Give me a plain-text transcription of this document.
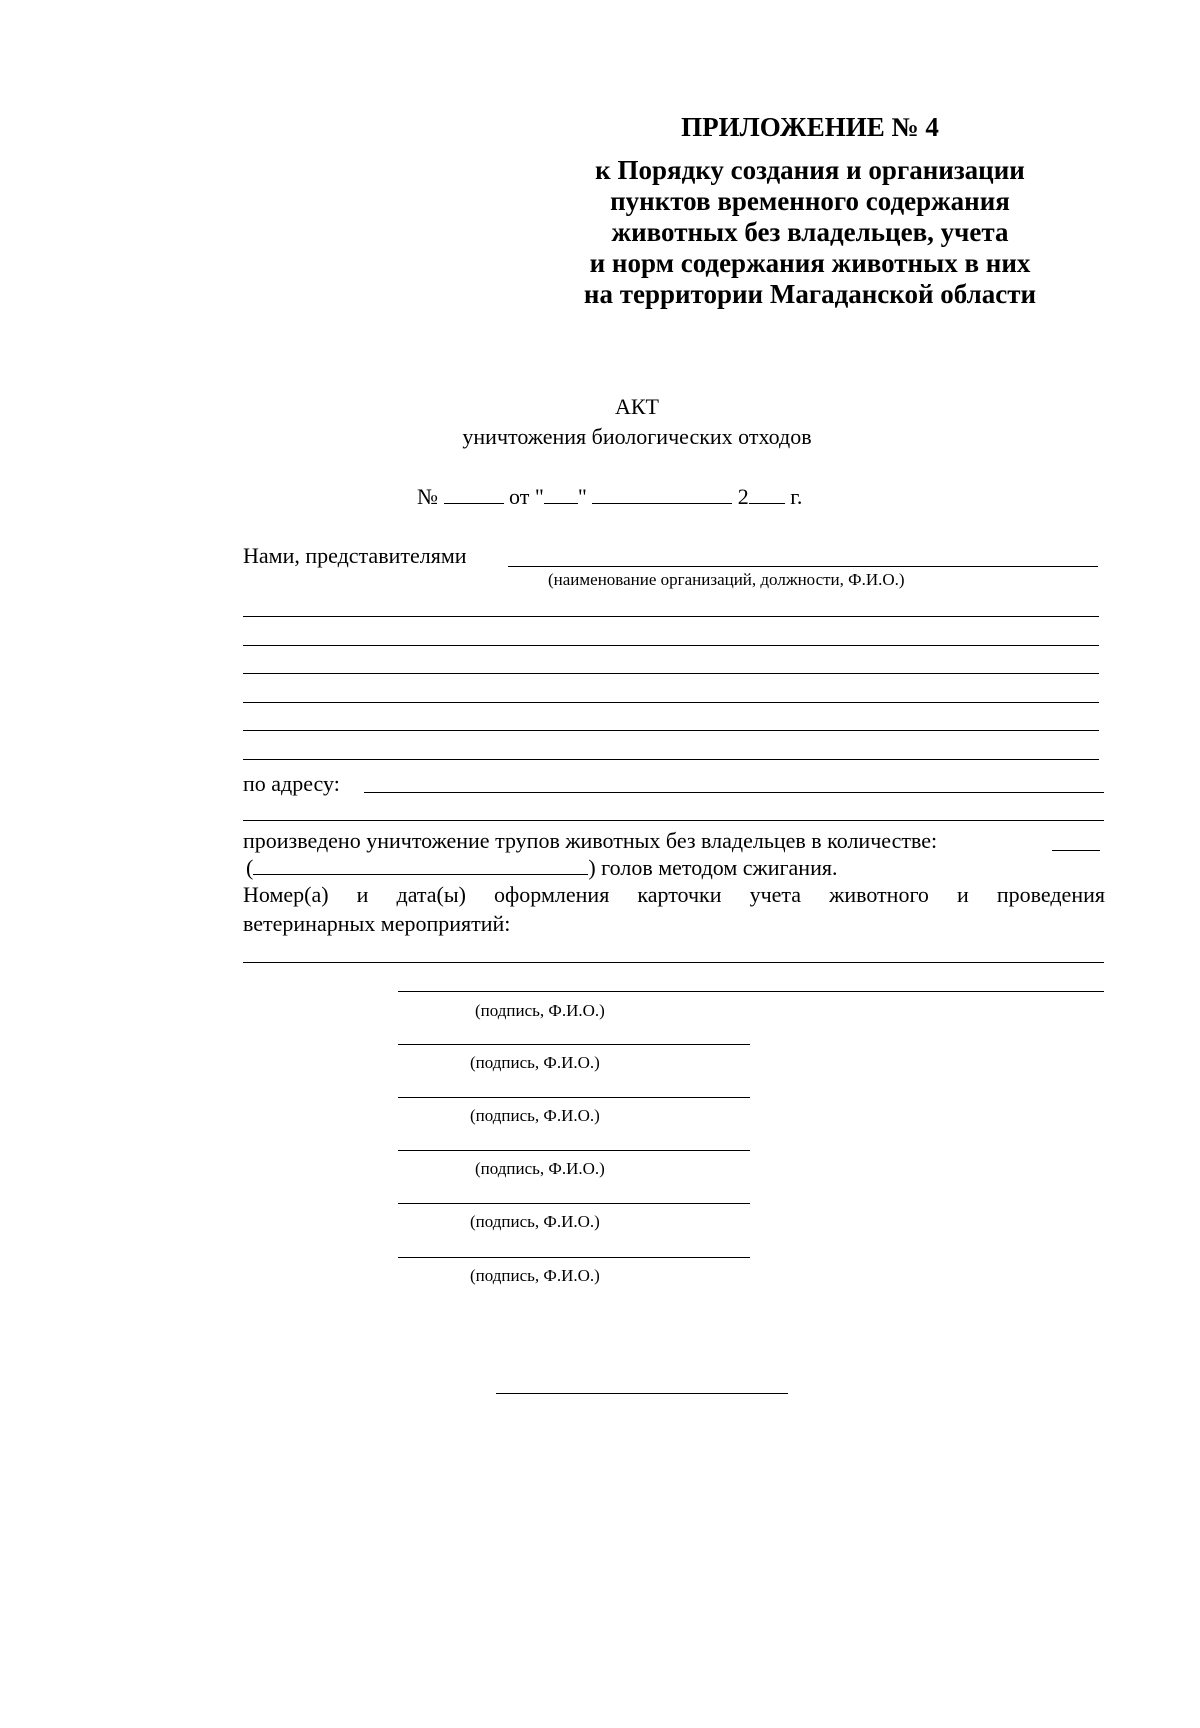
ПРИЛОЖЕНИЕ № 4
к Порядку создания и организации
пунктов временного содержания
животных без владельцев, учета
и норм содержания животных в них
на территории Магаданской области
АКТ
уничтожения биологических отходов
№	от " "	2 г.
Нами, представителями
(наименование организаций, должности, Ф.И.О.)
по адресу:
произведено уничтожение трупов животных без владельцев в количестве:
(	) голов методом сжигания.
Номер(а) и дата(ы) оформления карточки учета животного и проведения
ветеринарных мероприятий:
(подпись, Ф.И.О.)
(подпись, Ф.И.О.)
(подпись, Ф.И.О.)
(подпись, Ф.И.О.)
(подпись, Ф.И.О.)
(подпись, Ф.И.О.)
